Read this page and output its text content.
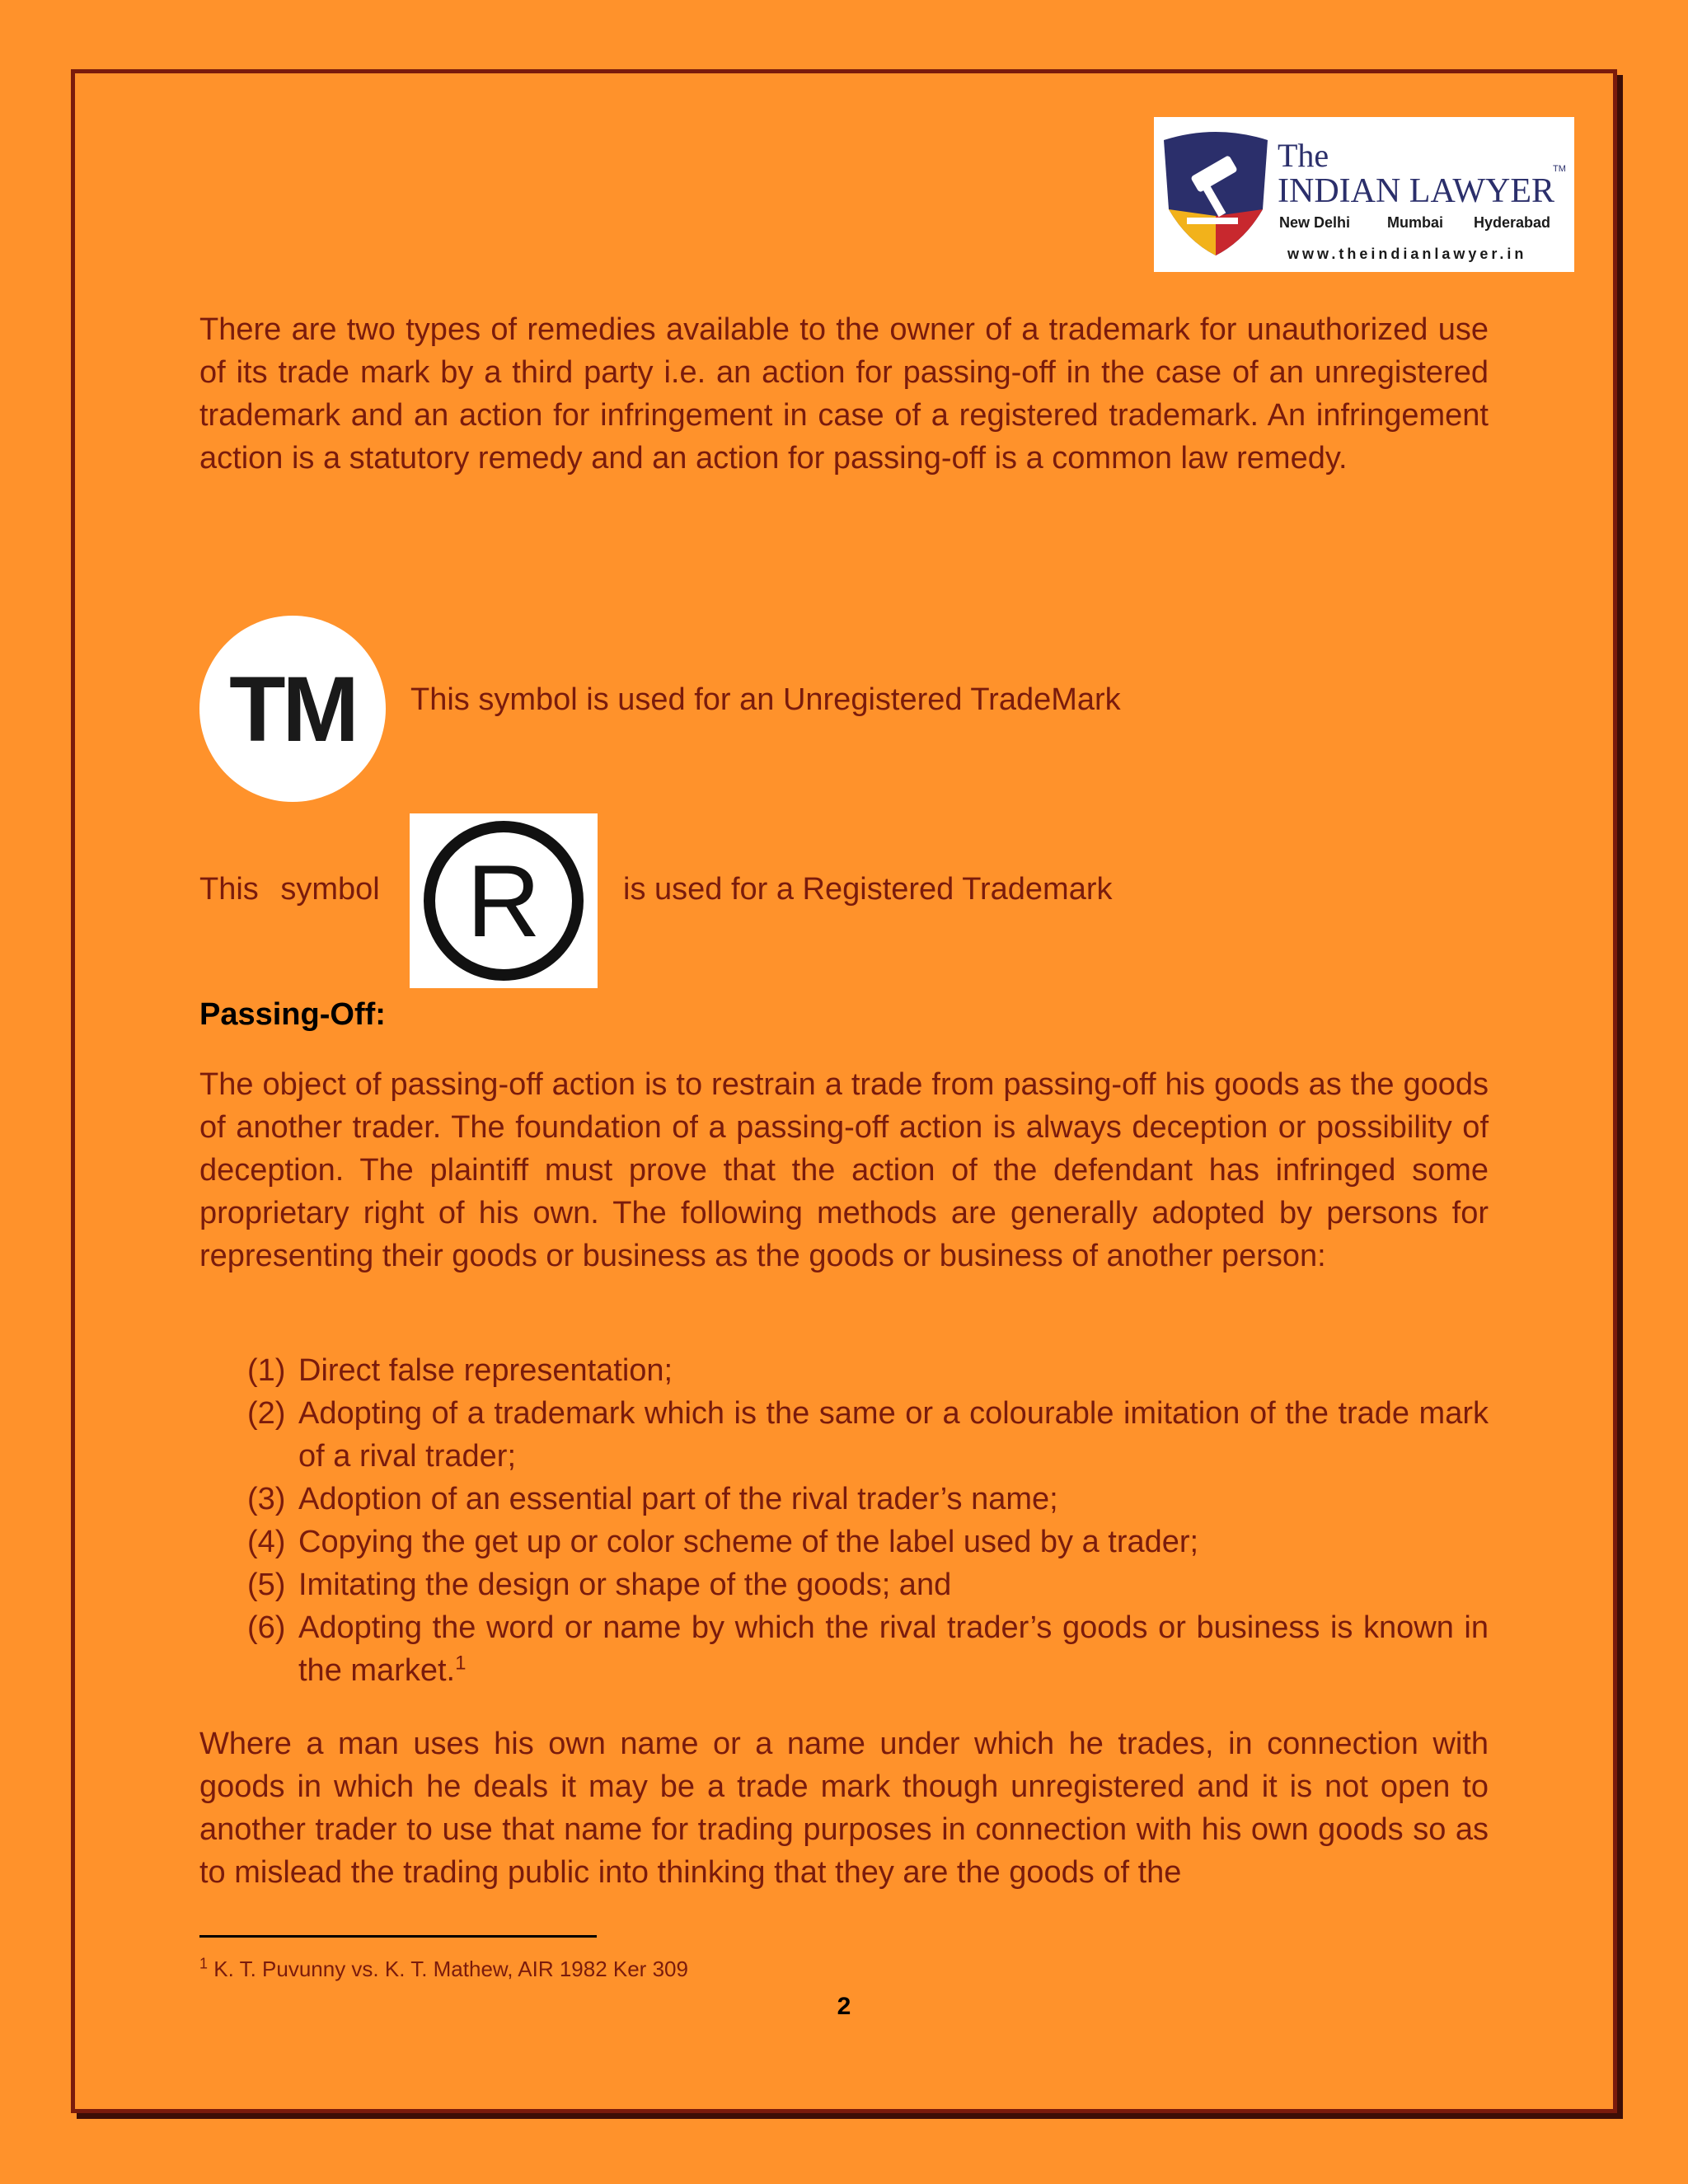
The
INDIAN LAWYER
TM
New Delhi Mumbai Hyderabad
www.theindianlawyer.in
There are two types of remedies available to the owner of a trademark for unauthorized use of its trade mark by a third party i.e. an action for passing-off in the case of an unregistered trademark and an action for infringement in case of a registered trademark. An infringement action is a statutory remedy and an action for passing-off is a common law remedy.
TM This symbol is used for an Unregistered TradeMark
This symbol R	is used for a Registered Trademark
Passing-Off:
The object of passing-off action is to restrain a trade from passing-off his goods as the goods of another trader. The foundation of a passing-off action is always deception or possibility of deception. The plaintiff must prove that the action of the defendant has infringed some proprietary right of his own. The following methods are generally adopted by persons for representing their goods or business as the goods or business of another person:
(1) Direct false representation;
(2) Adopting of a trademark which is the same or a colourable imitation of the trade mark of a rival trader;
(3) Adoption of an essential part of the rival trader’s name;
(4) Copying the get up or color scheme of the label used by a trader;
(5) Imitating the design or shape of the goods; and
(6) Adopting the word or name by which the rival trader’s goods or business is known in the market.$^1$
Where a man uses his own name or a name under which he trades, in connection with goods in which he deals it may be a trade mark though unregistered and it is not open to another trader to use that name for trading purposes in connection with his own goods so as to mislead the trading public into thinking that they are the goods of the
$^1$ K. T. Puvunny vs. K. T. Mathew, AIR 1982 Ker 309
2
